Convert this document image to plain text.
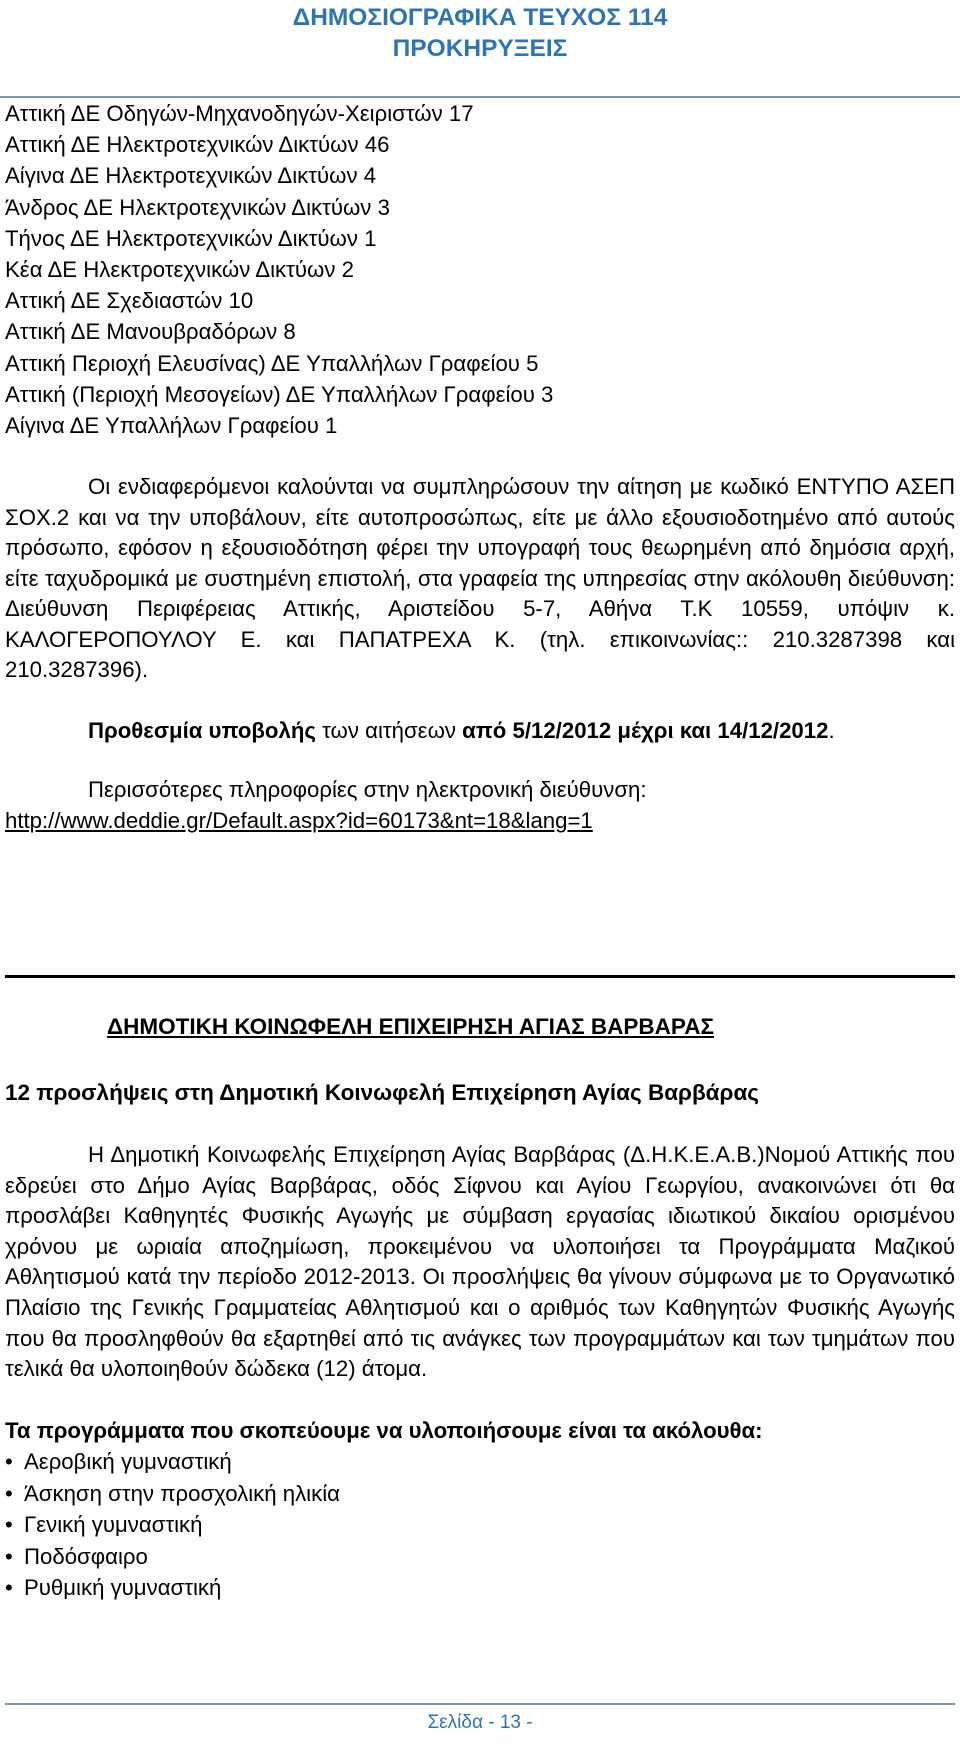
ΔΗΜΟΣΙΟΓΡΑΦΙΚΑ ΤΕΥΧΟΣ 114
ΠΡΟΚΗΡΥΞΕΙΣ
Αττική ΔΕ Οδηγών-Μηχανοδηγών-Χειριστών 17
Αττική ΔΕ Ηλεκτροτεχνικών Δικτύων 46
Αίγινα ΔΕ Ηλεκτροτεχνικών Δικτύων 4
Άνδρος ΔΕ Ηλεκτροτεχνικών Δικτύων 3
Τήνος ΔΕ Ηλεκτροτεχνικών Δικτύων 1
Κέα ΔΕ Ηλεκτροτεχνικών Δικτύων 2
Αττική ΔΕ Σχεδιαστών 10
Αττική ΔΕ Μανουβραδόρων 8
Αττική Περιοχή Ελευσίνας) ΔΕ Υπαλλήλων Γραφείου 5
Αττική (Περιοχή Μεσογείων) ΔΕ Υπαλλήλων Γραφείου 3
Αίγινα ΔΕ Υπαλλήλων Γραφείου 1

Οι ενδιαφερόμενοι καλούνται να συμπληρώσουν την αίτηση με κωδικό ΕΝΤΥΠΟ ΑΣΕΠ ΣΟΧ.2 και να την υποβάλουν, είτε αυτοπροσώπως, είτε με άλλο εξουσιοδοτημένο από αυτούς πρόσωπο, εφόσον η εξουσιοδότηση φέρει την υπογραφή τους θεωρημένη από δημόσια αρχή, είτε ταχυδρομικά με συστημένη επιστολή, στα γραφεία της υπηρεσίας στην ακόλουθη διεύθυνση: Διεύθυνση Περιφέρειας Αττικής, Αριστείδου 5-7, Αθήνα Τ.Κ 10559, υπόψιν κ. ΚΑΛΟΓΕΡΟΠΟΥΛΟΥ Ε. και ΠΑΠΑΤΡΕΧΑ Κ. (τηλ. επικοινωνίας:: 210.3287398 και 210.3287396).

Προθεσμία υποβολής των αιτήσεων από 5/12/2012 μέχρι και 14/12/2012.

Περισσότερες πληροφορίες στην ηλεκτρονική διεύθυνση:

http://www.deddie.gr/Default.aspx?id=60173&nt=18&lang=1

ΔΗΜΟΤΙΚΗ ΚΟΙΝΩΦΕΛΗ ΕΠΙΧΕΙΡΗΣΗ ΑΓΙΑΣ ΒΑΡΒΑΡΑΣ
12 προσλήψεις στη Δημοτική Κοινωφελή Επιχείρηση Αγίας Βαρβάρας

Η Δημοτική Κοινωφελής Επιχείρηση Αγίας Βαρβάρας (Δ.Η.Κ.Ε.Α.Β.)Νομού Αττικής που εδρεύει στο Δήμο Αγίας Βαρβάρας, οδός Σίφνου και Αγίου Γεωργίου, ανακοινώνει ότι θα προσλάβει Καθηγητές Φυσικής Αγωγής με σύμβαση εργασίας ιδιωτικού δικαίου ορισμένου χρόνου με ωριαία αποζημίωση, προκειμένου να υλοποιήσει τα Προγράμματα Μαζικού Αθλητισμού κατά την περίοδο 2012-2013. Οι προσλήψεις θα γίνουν σύμφωνα με το Οργανωτικό Πλαίσιο της Γενικής Γραμματείας Αθλητισμού και ο αριθμός των Καθηγητών Φυσικής Αγωγής που θα προσληφθούν θα εξαρτηθεί από τις ανάγκες των προγραμμάτων και των τμημάτων που τελικά θα υλοποιηθούν δώδεκα (12) άτομα.

Τα προγράμματα που σκοπεύουμε να υλοποιήσουμε είναι τα ακόλουθα:

• Αεροβική γυμναστική
• Άσκηση στην προσχολική ηλικία
• Γενική γυμναστική
• Ποδόσφαιρο
• Ρυθμική γυμναστική
Σελίδα - 13 -
